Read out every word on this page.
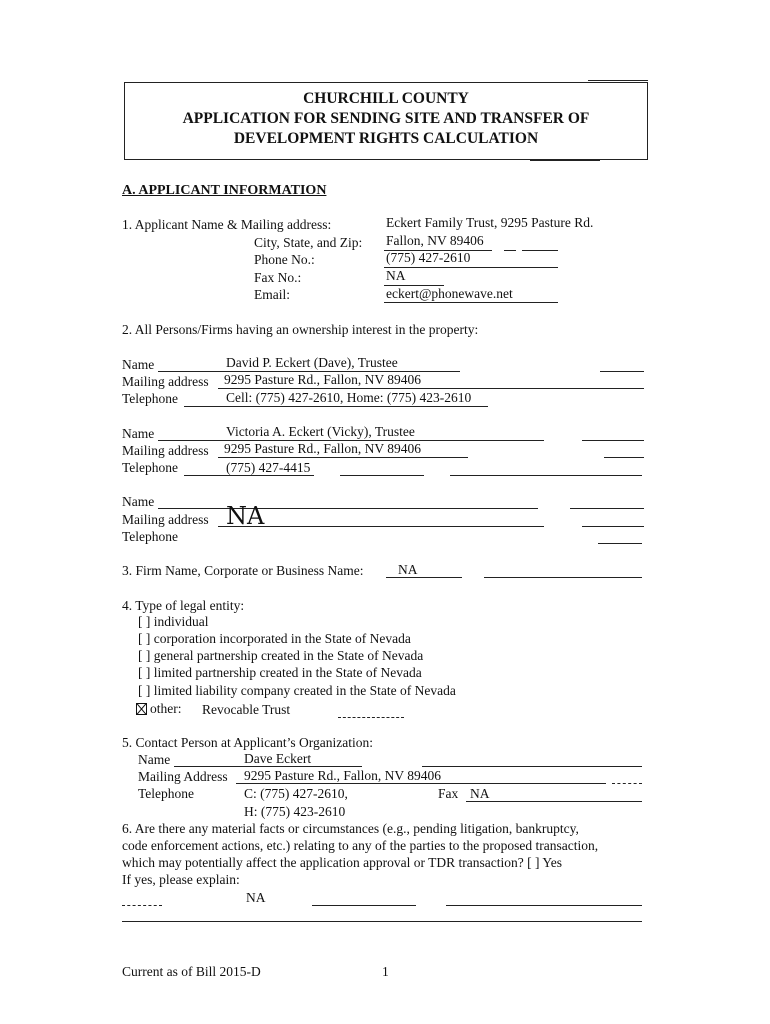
CHURCHILL COUNTY
APPLICATION FOR SENDING SITE AND TRANSFER OF
DEVELOPMENT RIGHTS CALCULATION
A. APPLICANT INFORMATION
1. Applicant Name & Mailing address:	Eckert Family Trust, 9295 Pasture Rd.
City, State, and Zip: Fallon, NV 89406
Phone No.:	(775) 427-2610
Fax No.:	NA
Email:	eckert@phonewave.net
2. All Persons/Firms having an ownership interest in the property:
Name	David P. Eckert (Dave), Trustee
Mailing address 9295 Pasture Rd., Fallon, NV 89406
Telephone	Cell: (775) 427-2610, Home: (775) 423-2610
Name	Victoria A. Eckert (Vicky), Trustee
Mailing address 9295 Pasture Rd., Fallon, NV 89406
Telephone	(775) 427-4415
Name
Mailing address NA
Telephone
3. Firm Name, Corporate or Business Name:	NA
4. Type of legal entity:
[ ] individual
[ ] corporation incorporated in the State of Nevada
[ ] general partnership created in the State of Nevada
[ ] limited partnership created in the State of Nevada
[ ] limited liability company created in the State of Nevada
other: Revocable Trust
5. Contact Person at Applicant’s Organization:
Name	Dave Eckert
Mailing Address 9295 Pasture Rd., Fallon, NV 89406
Telephone	C: (775) 427-2610,	Fax NA
H: (775) 423-2610
6. Are there any material facts or circumstances (e.g., pending litigation, bankruptcy,
code enforcement actions, etc.) relating to any of the parties to the proposed transaction,
which may potentially affect the application approval or TDR transaction? [ ] Yes
If yes, please explain:
NA
Current as of Bill 2015-D	1
